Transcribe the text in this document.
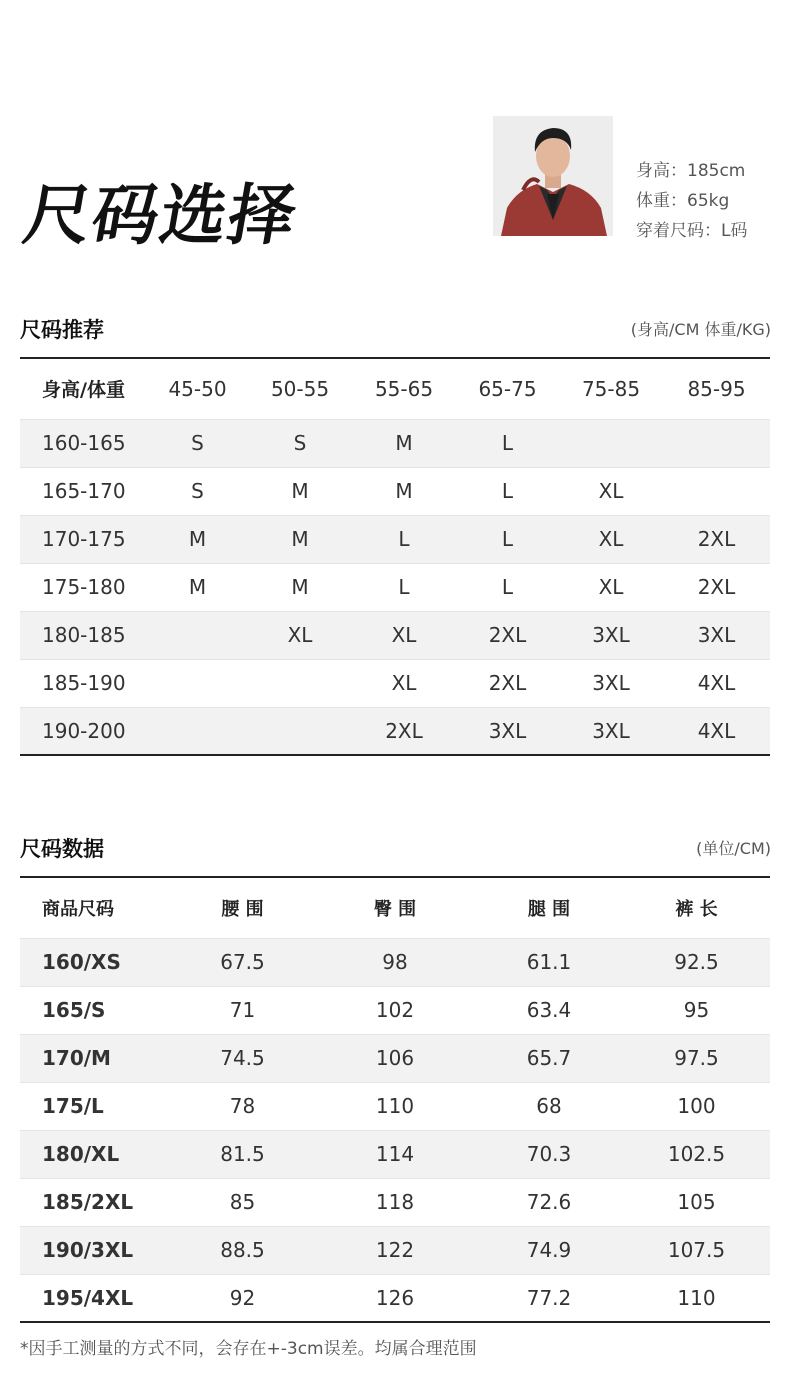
尺码选择
身高：185cm
体重：65kg
穿着尺码：L码
尺码推荐	(身高/CM 体重/KG)
身高/体重	45-50	50-55	55-65	65-75	75-85	85-95
160-165	S	S	M	L		
165-170	S	M	M	L	XL	
170-175	M	M	L	L	XL	2XL
175-180	M	M	L	L	XL	2XL
180-185		XL	XL	2XL	3XL	3XL
185-190			XL	2XL	3XL	4XL
190-200			2XL	3XL	3XL	4XL
尺码数据	(单位/CM)
商品尺码	腰 围	臀 围	腿 围	裤 长
160/XS	67.5	98	61.1	92.5
165/S	71	102	63.4	95
170/M	74.5	106	65.7	97.5
175/L	78	110	68	100
180/XL	81.5	114	70.3	102.5
185/2XL	85	118	72.6	105
190/3XL	88.5	122	74.9	107.5
195/4XL	92	126	77.2	110
*因手工测量的方式不同，会存在+-3cm误差。均属合理范围
